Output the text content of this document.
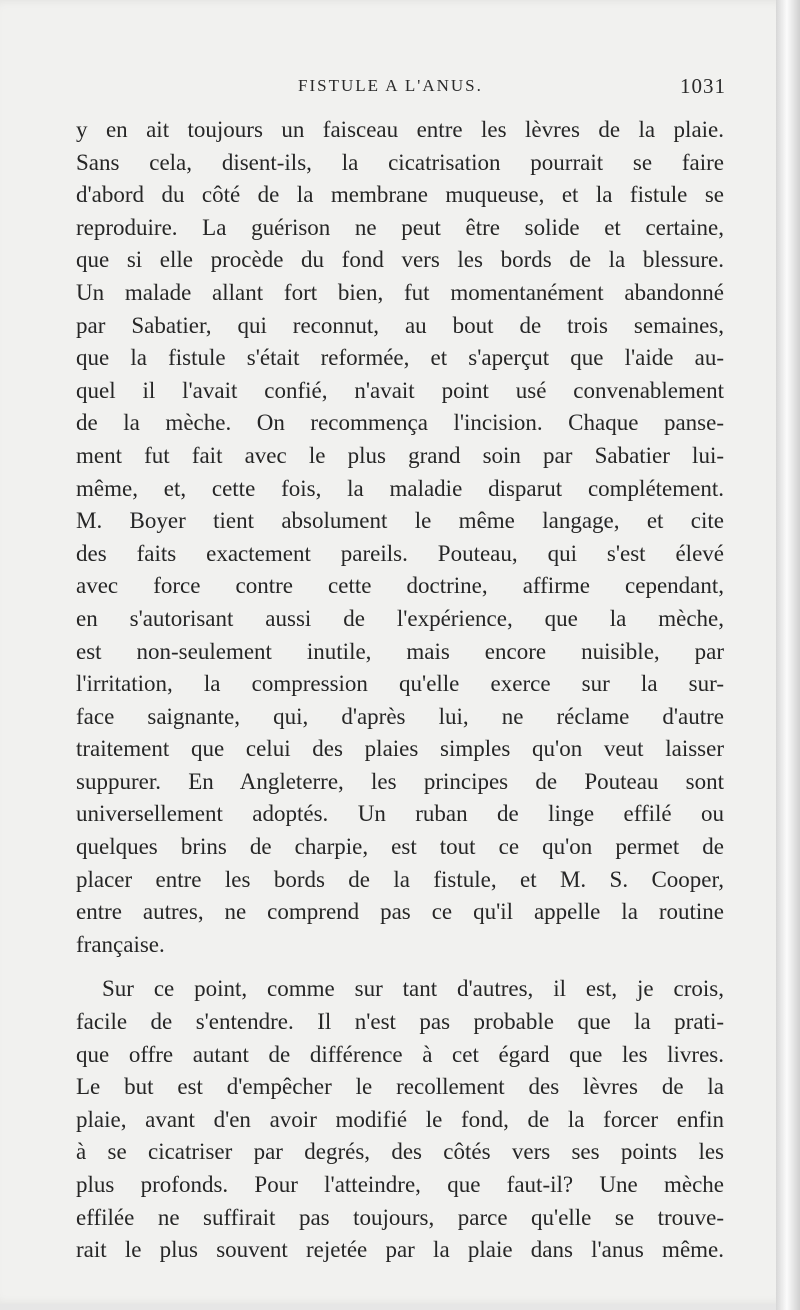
FISTULE A L'ANUS.	1031
y en ait toujours un faisceau entre les lèvres de la plaie.
Sans cela, disent-ils, la cicatrisation pourrait se faire
d'abord du côté de la membrane muqueuse, et la fistule se
reproduire. La guérison ne peut être solide et certaine,
que si elle procède du fond vers les bords de la blessure.
Un malade allant fort bien, fut momentanément abandonné
par Sabatier, qui reconnut, au bout de trois semaines,
que la fistule s'était reformée, et s'aperçut que l'aide au-
quel il l'avait confié, n'avait point usé convenablement
de la mèche. On recommença l'incision. Chaque panse-
ment fut fait avec le plus grand soin par Sabatier lui-
même, et, cette fois, la maladie disparut complétement.
M. Boyer tient absolument le même langage, et cite
des faits exactement pareils. Pouteau, qui s'est élevé
avec force contre cette doctrine, affirme cependant,
en s'autorisant aussi de l'expérience, que la mèche,
est non-seulement inutile, mais encore nuisible, par
l'irritation, la compression qu'elle exerce sur la sur-
face saignante, qui, d'après lui, ne réclame d'autre
traitement que celui des plaies simples qu'on veut laisser
suppurer. En Angleterre, les principes de Pouteau sont
universellement adoptés. Un ruban de linge effilé ou
quelques brins de charpie, est tout ce qu'on permet de
placer entre les bords de la fistule, et M. S. Cooper,
entre autres, ne comprend pas ce qu'il appelle la routine
française.
Sur ce point, comme sur tant d'autres, il est, je crois,
facile de s'entendre. Il n'est pas probable que la prati-
que offre autant de différence à cet égard que les livres.
Le but est d'empêcher le recollement des lèvres de la
plaie, avant d'en avoir modifié le fond, de la forcer enfin
à se cicatriser par degrés, des côtés vers ses points les
plus profonds. Pour l'atteindre, que faut-il? Une mèche
effilée ne suffirait pas toujours, parce qu'elle se trouve-
rait le plus souvent rejetée par la plaie dans l'anus même.
